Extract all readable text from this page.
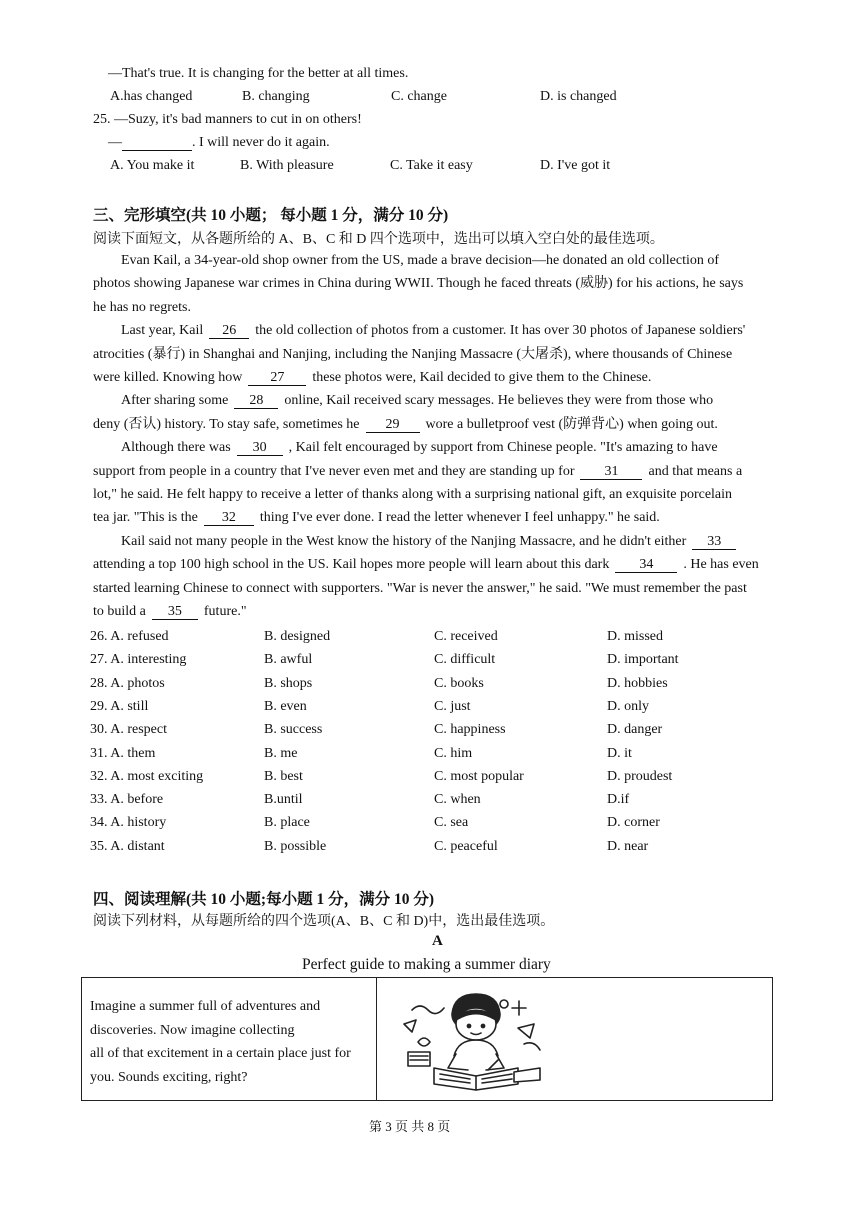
—That's true. It is changing for the better at all times.
A.has changed	B. changing	C. change	D. is changed
25. —Suzy, it's bad manners to cut in on others!
—	. I will never do it again.
A. You make it	B. With pleasure	C. Take it easy	D. I've got it
三、完形填空(共 10 小题； 每小题 1 分，满分 10 分)
阅读下面短文，从各题所给的 A、B、C 和 D 四个选项中，选出可以填入空白处的最佳选项。
Evan Kail, a 34-year-old shop owner from the US, made a brave decision—he donated an old collection of
photos showing Japanese war crimes in China during WWII. Though he faced threats (威胁) for his actions, he says
he has no regrets.
Last year, Kail 26 the old collection of photos from a customer. It has over 30 photos of Japanese soldiers'
atrocities (暴行) in Shanghai and Nanjing, including the Nanjing Massacre (大屠杀), where thousands of Chinese
were killed. Knowing how 27 these photos were, Kail decided to give them to the Chinese.
After sharing some 28 online, Kail received scary messages. He believes they were from those who
deny (否认) history. To stay safe, sometimes he 29 wore a bulletproof vest (防弹背心) when going out.
Although there was 30 , Kail felt encouraged by support from Chinese people. "It's amazing to have
support from people in a country that I've never even met and they are standing up for 31 and that means a
lot," he said. He felt happy to receive a letter of thanks along with a surprising national gift, an exquisite porcelain
tea jar. "This is the 32 thing I've ever done. I read the letter whenever I feel unhappy." he said.
Kail said not many people in the West know the history of the Nanjing Massacre, and he didn't either 33
attending a top 100 high school in the US. Kail hopes more people will learn about this dark 34 . He has even
started learning Chinese to connect with supporters. "War is never the answer," he said. "We must remember the past
to build a 35 future."
26. A. refused	B. designed	C. received	D. missed
27. A. interesting	B. awful	C. difficult	D. important
28. A. photos	B. shops	C. books	D. hobbies
29. A. still	B. even	C. just	D. only
30. A. respect	B. success	C. happiness	D. danger
31. A. them	B. me	C. him	D. it
32. A. most exciting	B. best	C. most popular	D. proudest
33. A. before	B.until	C. when	D.if
34. A. history	B. place	C. sea	D. corner
35. A. distant	B. possible	C. peaceful	D. near
四、阅读理解(共 10 小题;每小题 1 分，满分 10 分)
阅读下列材料，从每题所给的四个选项(A、B、C 和 D)中，选出最佳选项。
A
Perfect guide to making a summer diary
Imagine a summer full of adventures and
discoveries. Now imagine collecting
all of that excitement in a certain place just for
you. Sounds exciting, right?
第 3 页 共 8 页
